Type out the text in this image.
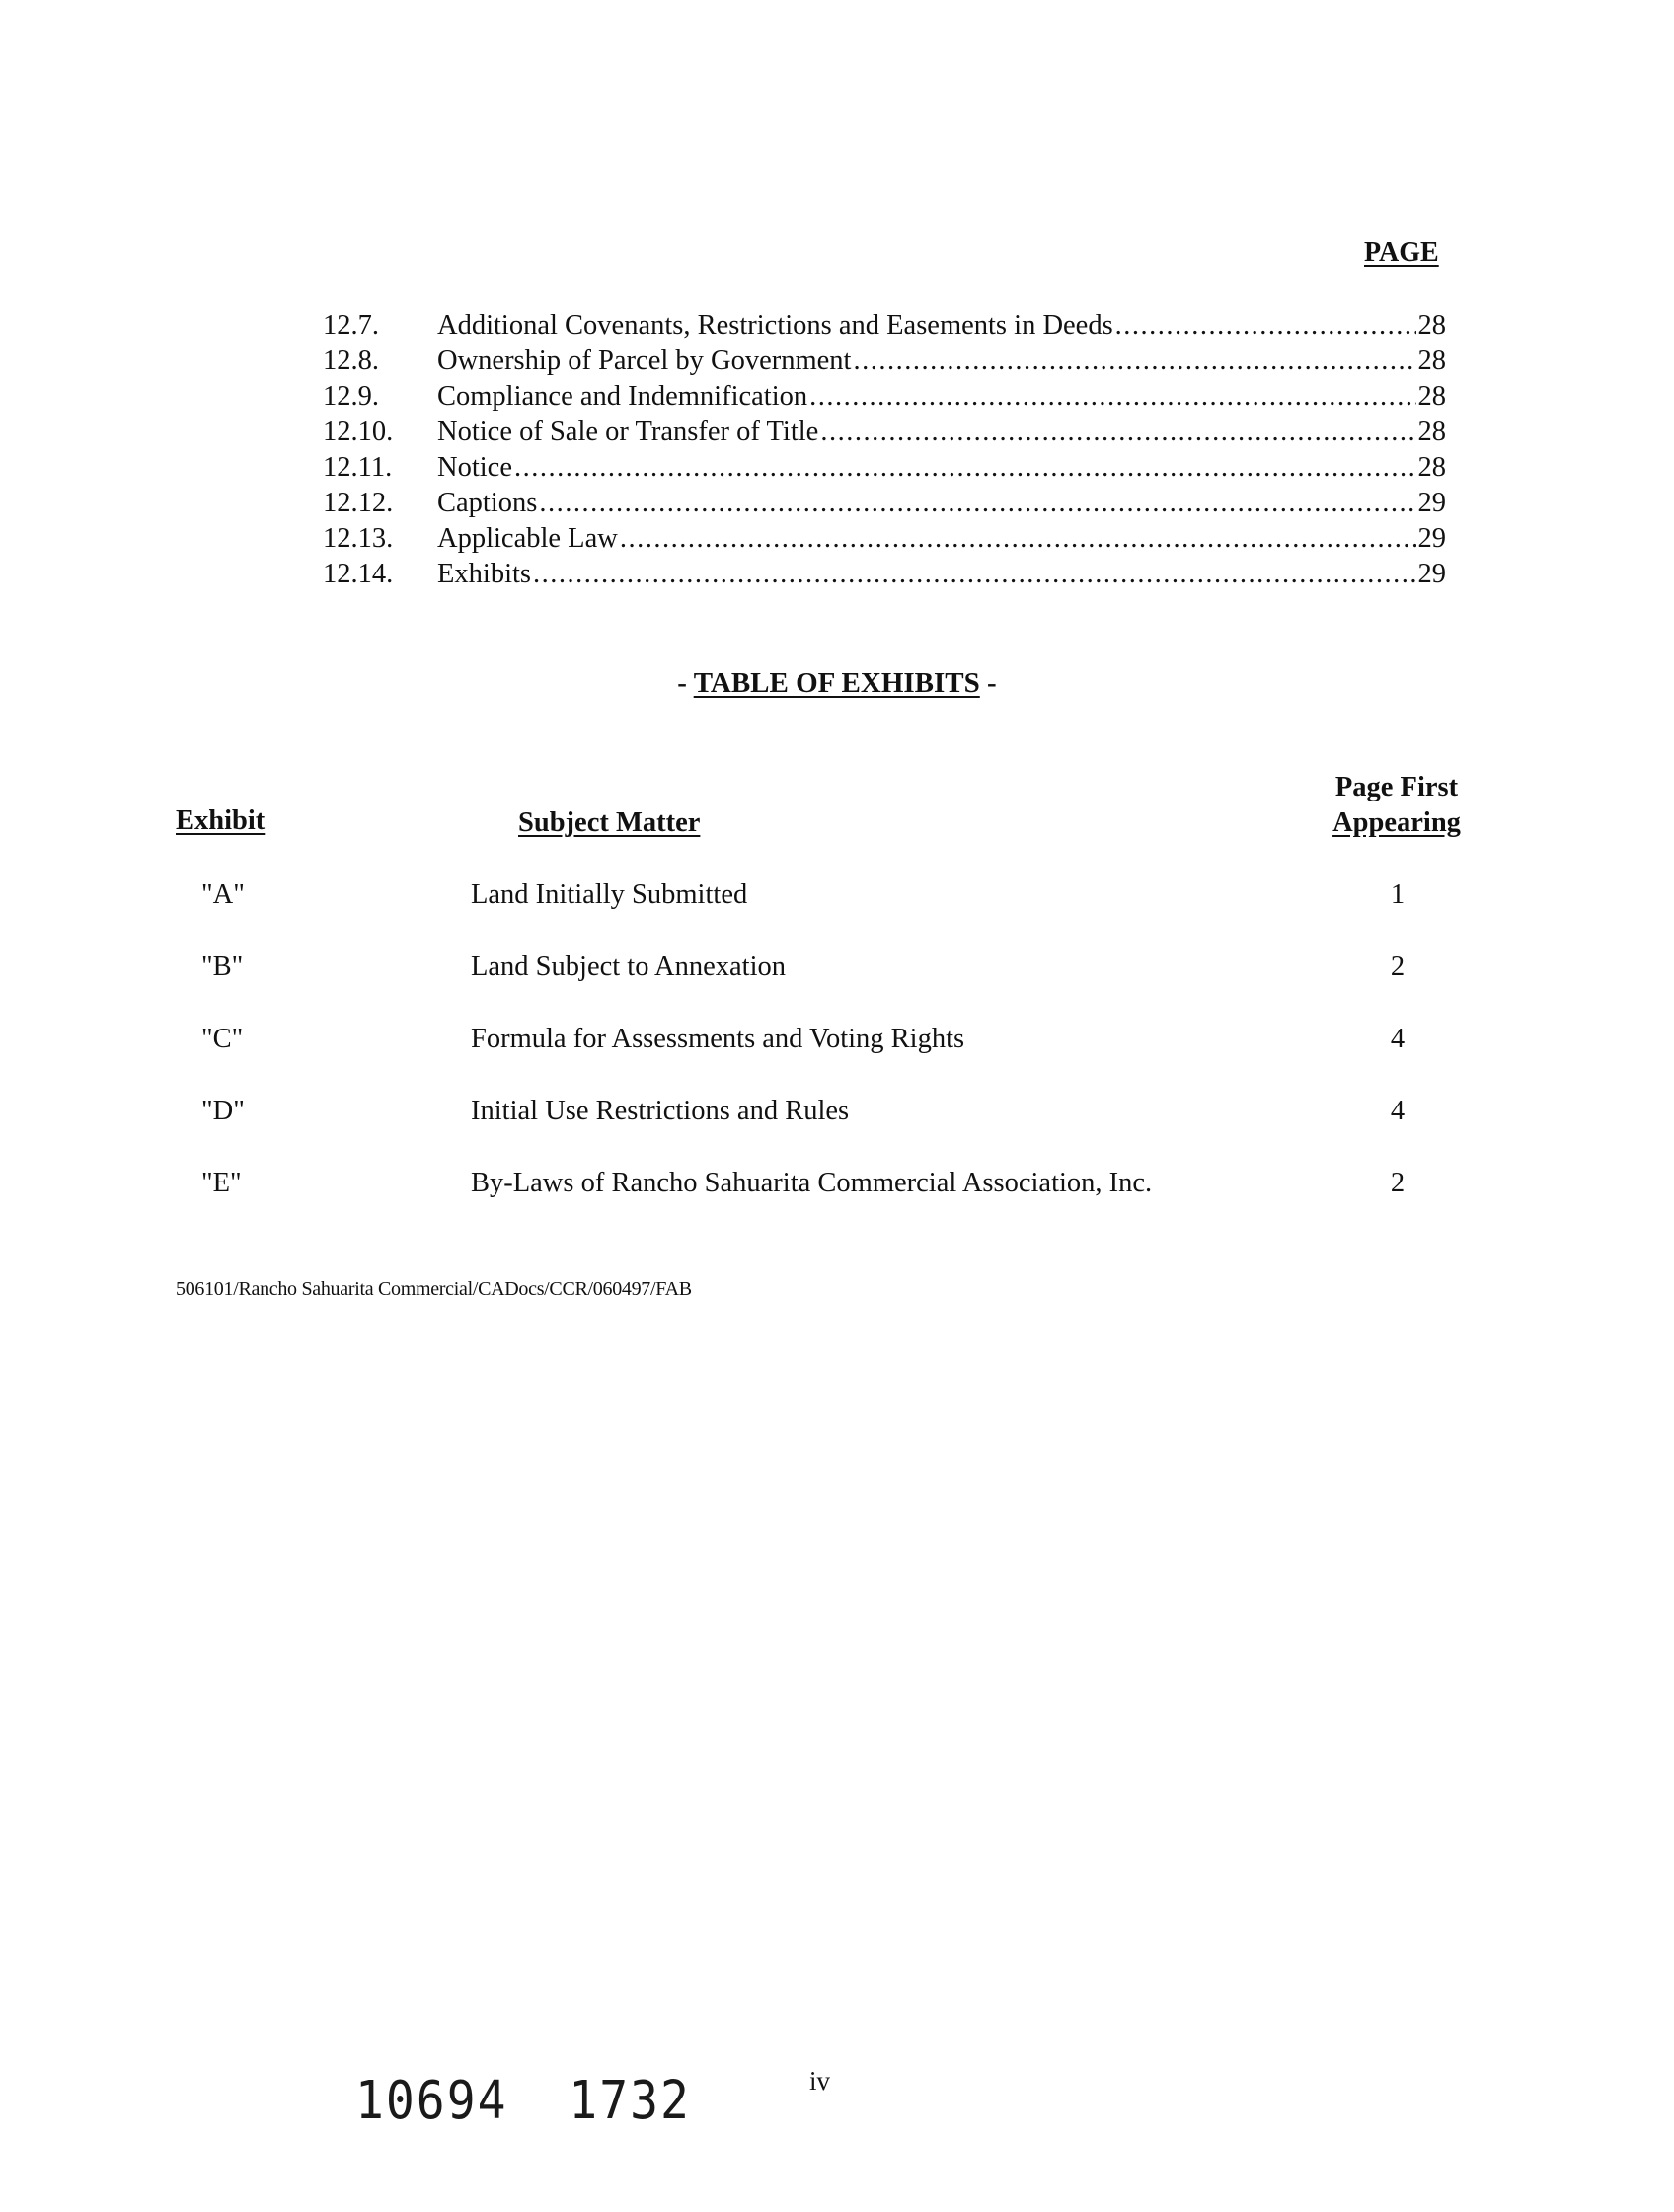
PAGE
12.7. Additional Covenants, Restrictions and Easements in Deeds .....	28
12.8. Ownership of Parcel by Government .....	28
12.9. Compliance and Indemnification .....	28
12.10. Notice of Sale or Transfer of Title .....	28
12.11. Notice .....	28
12.12. Captions .....	29
12.13. Applicable Law .....	29
12.14. Exhibits .....	29
- TABLE OF EXHIBITS -
Exhibit	Subject Matter
Page First
Appearing
"A"	Land Initially Submitted	1
"B"	Land Subject to Annexation	2
"C"	Formula for Assessments and Voting Rights	4
"D"	Initial Use Restrictions and Rules	4
"E"	By-Laws of Rancho Sahuarita Commercial Association, Inc.	2
506101/Rancho Sahuarita Commercial/CADocs/CCR/060497/FAB
10694  1732	iv
